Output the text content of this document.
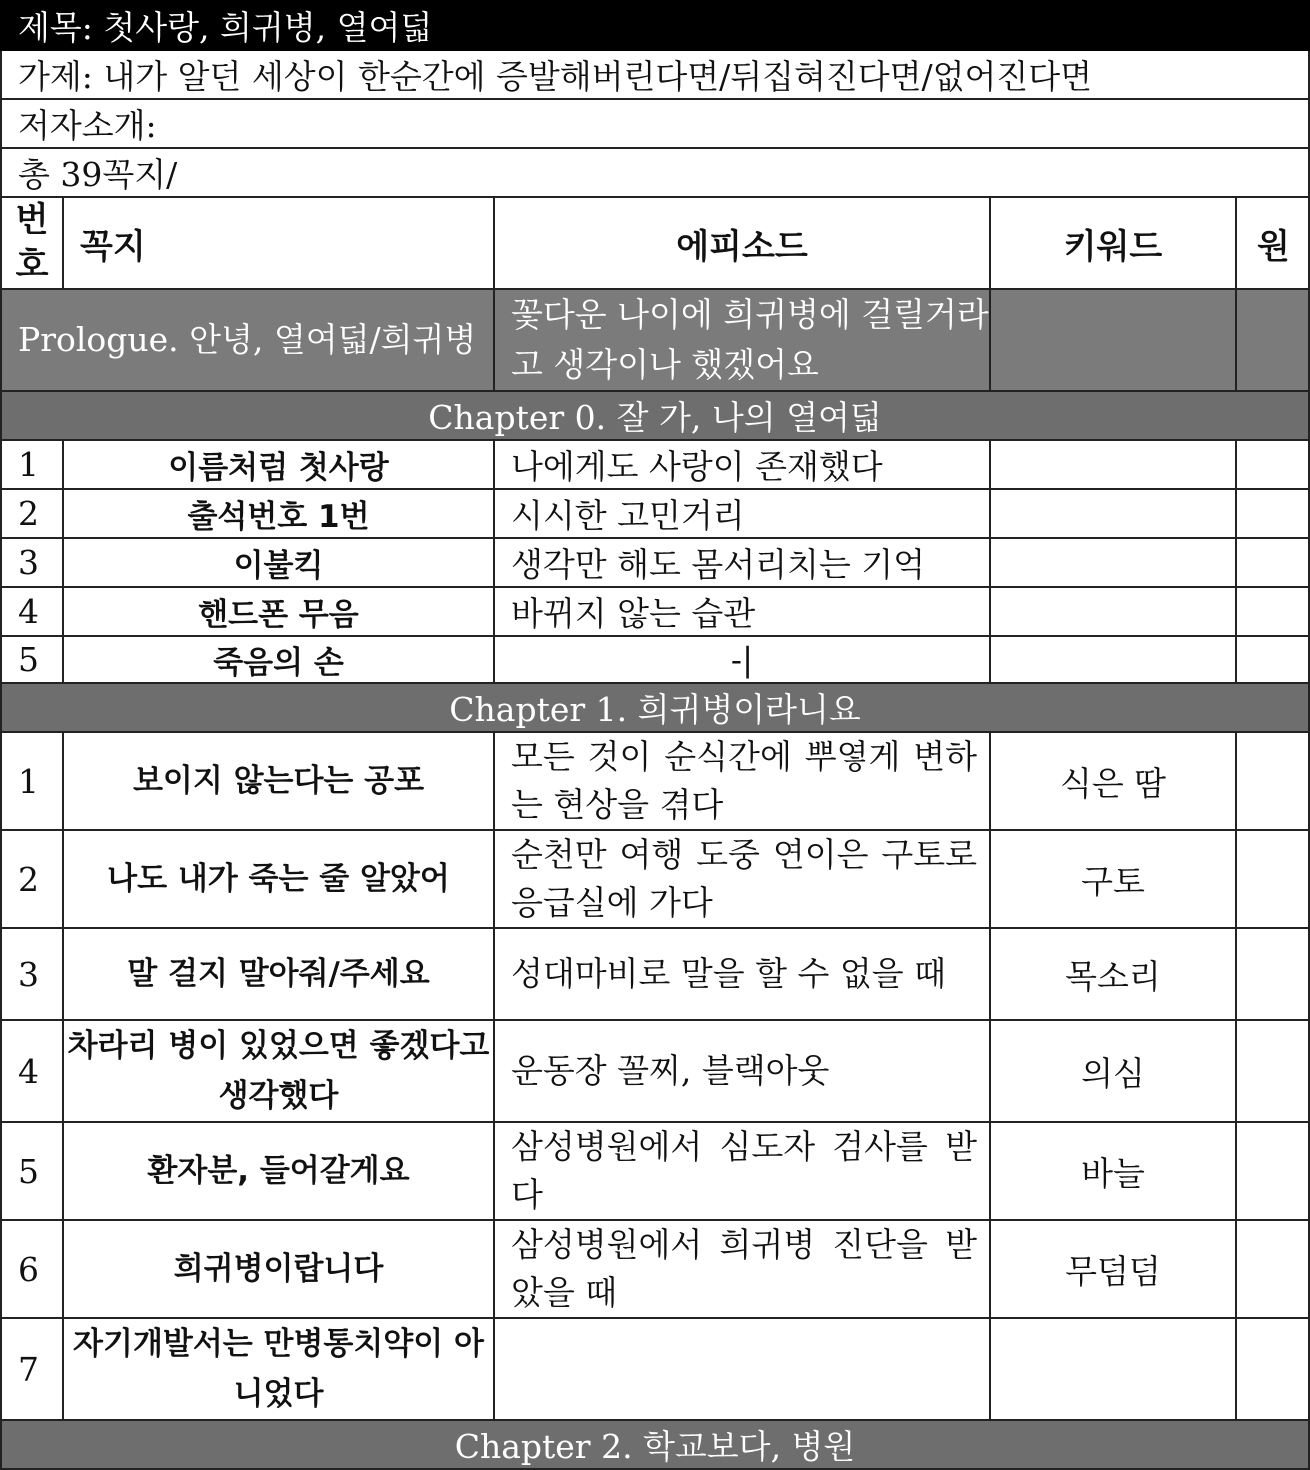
제목: 첫사랑, 희귀병, 열여덟				
가제: 내가 알던 세상이 한순간에 증발해버린다면/뒤집혀진다면/없어진다면				
저자소개:				
총 39꼭지/				
번호	꼭지	에피소드	키워드	원
Prologue. 안녕, 열여덟/희귀병		꽃다운 나이에 희귀병에 걸릴거라고 생각이나 했겠어요		
Chapter 0. 잘 가, 나의 열여덟				
1	이름처럼 첫사랑	나에게도 사랑이 존재했다		
2	출석번호 1번	시시한 고민거리		
3	이불킥	생각만 해도 몸서리치는 기억		
4	핸드폰 무음	바뀌지 않는 습관		
5	죽음의 손	-|		
Chapter 1. 희귀병이라니요				
1	보이지 않는다는 공포	모든 것이 순식간에 뿌옇게 변하는 현상을 겪다	식은 땀	
2	나도 내가 죽는 줄 알았어	순천만 여행 도중 연이은 구토로 응급실에 가다	구토	
3	말 걸지 말아줘/주세요	성대마비로 말을 할 수 없을 때	목소리	
4	차라리 병이 있었으면 좋겠다고 생각했다	운동장 꼴찌, 블랙아웃	의심	
5	환자분, 들어갈게요	삼성병원에서 심도자 검사를 받다	바늘	
6	희귀병이랍니다	삼성병원에서 희귀병 진단을 받았을 때	무덤덤	
7	자기개발서는 만병통치약이 아니었다			
Chapter 2. 학교보다, 병원				
